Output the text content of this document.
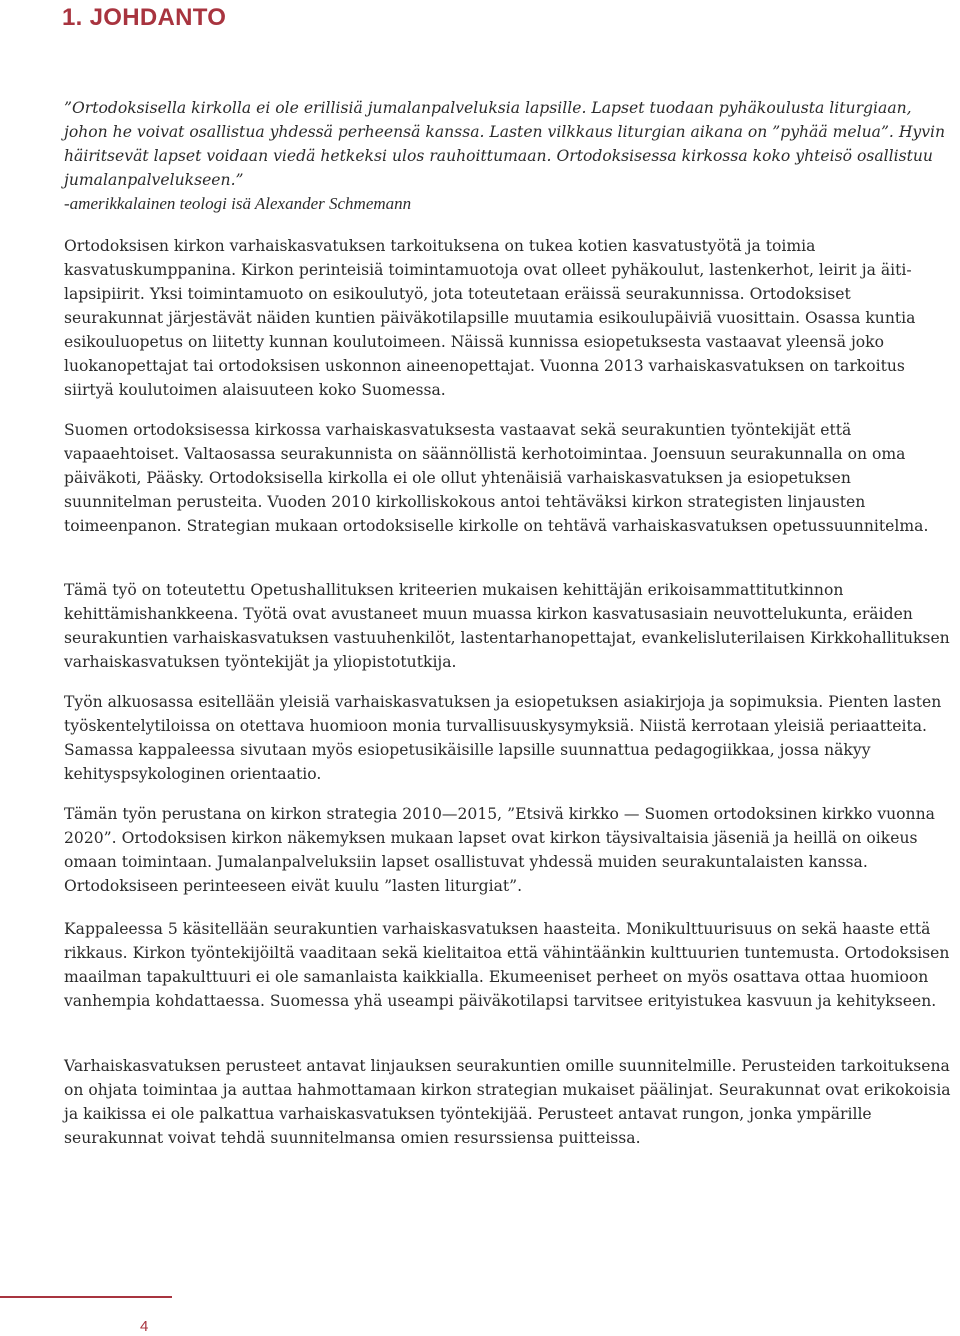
1. JOHDANTO

”Ortodoksisella kirkolla ei ole erillisiä jumalanpalveluksia lapsille. Lapset tuodaan pyhäkoulusta liturgiaan, johon he voivat osallistua yhdessä perheensä kanssa. Lasten vilkkaus liturgian aikana on ”pyhää melua”. Hyvin häiritsevät lapset voidaan viedä hetkeksi ulos rauhoittumaan. Ortodoksisessa kirkossa koko yhteisö osallistuu jumalanpalvelukseen.”

-amerikkalainen teologi isä Alexander Schmemann

Ortodoksisen kirkon varhaiskasvatuksen tarkoituksena on tukea kotien kasvatustyötä ja toimia kasvatuskumppanina. Kirkon perinteisiä toimintamuotoja ovat olleet pyhäkoulut, lastenkerhot, leirit ja äiti-lapsipiirit. Yksi toimintamuoto on esikoulutyö, jota toteutetaan eräissä seurakunnissa. Ortodoksiset seurakunnat järjestävät näiden kuntien päiväkotilapsille muutamia esikoulupäiviä vuosittain. Osassa kuntia esikouluopetus on liitetty kunnan koulutoimeen. Näissä kunnissa esiopetuksesta vastaavat yleensä joko luokanopettajat tai ortodoksisen uskonnon aineenopettajat. Vuonna 2013 varhaiskasvatuksen on tarkoitus siirtyä koulutoimen alaisuuteen koko Suomessa.

Suomen ortodoksisessa kirkossa varhaiskasvatuksesta vastaavat sekä seurakuntien työntekijät että vapaaehtoiset. Valtaosassa seurakunnista on säännöllistä kerhotoimintaa. Joensuun seurakunnalla on oma päiväkoti, Pääsky. Ortodoksisella kirkolla ei ole ollut yhtenäisiä varhaiskasvatuksen ja esiopetuksen suunnitelman perusteita. Vuoden 2010 kirkolliskokous antoi tehtäväksi kirkon strategisten linjausten toimeenpanon. Strategian mukaan ortodoksiselle kirkolle on tehtävä varhaiskasvatuksen opetussuunnitelma.

Tämä työ on toteutettu Opetushallituksen kriteerien mukaisen kehittäjän erikoisammattitutkinnon kehittämishankkeena. Työtä ovat avustaneet muun muassa kirkon kasvatusasiain neuvottelukunta, eräiden seurakuntien varhaiskasvatuksen vastuuhenkilöt, lastentarhanopettajat, evankelisluterilaisen Kirkkohallituksen varhaiskasvatuksen työntekijät ja yliopistotutkija.

Työn alkuosassa esitellään yleisiä varhaiskasvatuksen ja esiopetuksen asiakirjoja ja sopimuksia. Pienten lasten työskentelytiloissa on otettava huomioon monia turvallisuuskysymyksiä. Niistä kerrotaan yleisiä periaatteita. Samassa kappaleessa sivutaan myös esiopetusikäisille lapsille suunnattua pedagogiikkaa, jossa näkyy kehityspsykologinen orientaatio.

Tämän työn perustana on kirkon strategia 2010—2015, ”Etsivä kirkko — Suomen ortodoksinen kirkko vuonna 2020”. Ortodoksisen kirkon näkemyksen mukaan lapset ovat kirkon täysivaltaisia jäseniä ja heillä on oikeus omaan toimintaan. Jumalanpalveluksiin lapset osallistuvat yhdessä muiden seurakuntalaisten kanssa. Ortodoksiseen perinteeseen eivät kuulu ”lasten liturgiat”.

Kappaleessa 5 käsitellään seurakuntien varhaiskasvatuksen haasteita. Monikulttuurisuus on sekä haaste että rikkaus. Kirkon työntekijöiltä vaaditaan sekä kielitaitoa että vähintäänkin kulttuurien tuntemusta. Ortodoksisen maailman tapakulttuuri ei ole samanlaista kaikkialla. Ekumeeniset perheet on myös osattava ottaa huomioon vanhempia kohdattaessa. Suomessa yhä useampi päiväkotilapsi tarvitsee erityistukea kasvuun ja kehitykseen.

Varhaiskasvatuksen perusteet antavat linjauksen seurakuntien omille suunnitelmille. Perusteiden tarkoituksena on ohjata toimintaa ja auttaa hahmottamaan kirkon strategian mukaiset päälinjat. Seurakunnat ovat erikokoisia ja kaikissa ei ole palkattua varhaiskasvatuksen työntekijää. Perusteet antavat rungon, jonka ympärille seurakunnat voivat tehdä suunnitelmansa omien resurssiensa puitteissa.

4
